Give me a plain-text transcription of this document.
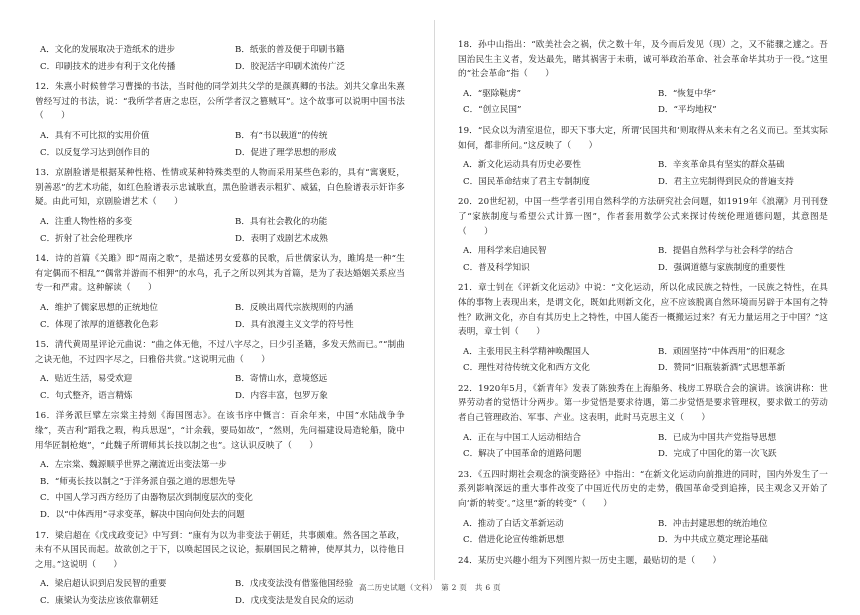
A．文化的发展取决于造纸术的进步	B．纸张的普及便于印刷书籍
C．印刷技术的进步有利于文化传播	D．胶泥活字印刷术流传广泛

12．朱熹小时候曾学习曹操的书法，当时他的同学刘共父学的是颜真卿的书法。刘共父拿出朱熹曾经写过的书法，说：“我所学者唐之忠臣，公所学者汉之篡贼耳”。这个故事可以说明中国书法（　　）

A．具有不可比拟的实用价值	B．有“书以载道”的传统
C．以反复学习达到创作目的	D．促进了理学思想的形成

13．京剧脸谱是根据某种性格、性情或某种特殊类型的人物而采用某些色彩的，具有“寓褒贬，别善恶”的艺术功能，如红色脸谱表示忠诚耿直，黑色脸谱表示粗犷、威猛，白色脸谱表示奸诈多疑。由此可知，京剧脸谱艺术（　　）

A．注重人物性格的多变	B．具有社会教化的功能
C．折射了社会伦理秩序	D．表明了戏剧艺术成熟

14．诗的首篇《关雎》即“周南之歌”，是描述男女爱慕的民歌，后世儒家认为，雎鸠是一种“生有定偶而不相乱”“偶常并游而不相狎”的水鸟，孔子之所以列其为首篇，是为了表达婚姻关系应当专一和严肃。这种解读（　　）

A．维护了儒家思想的正统地位	B．反映出周代宗族规则的内涵
C．体现了浓厚的道德教化色彩	D．具有浪漫主义文学的符号性

15．清代黄周星评论元曲说：“曲之体无他，不过八字尽之，曰少引圣籍，多发天然而已。”“制曲之诀无他，不过四字尽之，曰雅俗共赏。”这说明元曲（　　）

A．贴近生活，易受欢迎	B．寄情山水，意境悠远
C．句式整齐，语言精炼	D．内容丰富，包罗万象

16．洋务派巨擘左宗棠主持刻《海国图志》。在该书序中慨言：百余年来，中国“水陆战争争缘”，英吉利“蹈我之瑕，构兵思逞”，“计余载，要局如故”，“然则，先问福建设局造轮船，陇中用华匠制枪炮”，“此魏子所谓师其长技以制之也”。这认识反映了（　　）

A．左宗棠、魏源顺乎世界之潮流近出变法第一步
B．“师夷长技以制之”于洋务派自强之道的思想先导
C．中国人学习西方经历了由器物层次到制度层次的变化
D．以“中体西用”寻求变革，解决中国向何处去的问题

17．梁启超在《戊戌政变记》中写到：“康有为以为非变法于朝廷，共事颇难。然各国之革政，未有不从国民而起。故欲创之于下，以唤起国民之议论，振刷国民之精神，使厚其力，以待他日之用。”这说明（　　）

A．梁启超认识到启发民智的重要	B．戊戌变法没有借鉴他国经验
C．康梁认为变法应该依靠朝廷	D．戊戌变法是发自民众的运动

18．孙中山指出：“欧美社会之祸，伏之数十年，及今而后发见（现）之，又不能骤之遽之。吾国治民生主义者，发达最先，睹其祸害于未萌，诚可举政治革命、社会革命毕其功于一役。”这里的“社会革命”指（　　）

A．“驱除鞑虏”	B．“恢复中华”
C．“创立民国”	D．“平均地权”

19．“民众以为清室退位，即天下事大定，所谓‘民国共和’则取得从来未有之名义而已。至其实际如何，都非所问。”这反映了（　　）

A．新文化运动具有历史必要性	B．辛亥革命具有坚实的群众基础
C．国民革命结束了君主专制制度	D．君主立宪制得到民众的普遍支持

20．20世纪初，中国一些学者引用自然科学的方法研究社会问题，如1919年《浪潮》月刊刊登了“家族制度与希望公式计算一图”，作者套用数学公式来探讨传统伦理道德问题，其意图是（　　）

A．用科学来启迪民智	B．提倡自然科学与社会科学的结合
C．普及科学知识	D．强调道德与家族制度的重要性

21．章士钊在《评新文化运动》中说：“文化运动，所以化成民族之特性，一民族之特性，在具体的事物上表现出来，是谓文化，既如此则新文化，应不应该脱离自然环境而另辟于本国有之特性？欧洲文化，亦自有其历史上之特性，中国人能否一概搬运过来？有无力量运用之于中国？”这表明，章士钊（　　）

A．主张用民主科学精神唤醒国人	B．顽固坚持“中体西用”的旧观念
C．理性对待传统文化和西方文化	D．赞同“旧瓶装新酒”式思想革新

22．1920年5月，《新青年》发表了陈独秀在上海船务、栈房工界联合会的演讲。该演讲称：世界劳动者的觉悟计分两步。第一步觉悟是要求待遇，第二步觉悟是要求管理权，要求做工的劳动者自己管理政治、军事、产业。这表明，此时马克思主义（　　）

A．正在与中国工人运动相结合	B．已成为中国共产党指导思想
C．解决了中国革命的道路问题	D．完成了中国化的第一次飞跃

23．《五四时期社会观念的演变路径》中指出：“在新文化运动向前推进的同时，国内外发生了一系列影响深远的重大事件改变了中国近代历史的走势，俄国革命受到追捧，民主观念又开始了向‘新的转变’。”这里“新的转变”（　　）

A．推动了白话文革新运动	B．冲击封建思想的统治地位
C．借进化论宣传维新思想	D．为中共成立奠定理论基础

24．某历史兴趣小组为下列图片拟一历史主题，最贴切的是（　　）

高二历史试题（文科）　第 2 页　共 6 页
